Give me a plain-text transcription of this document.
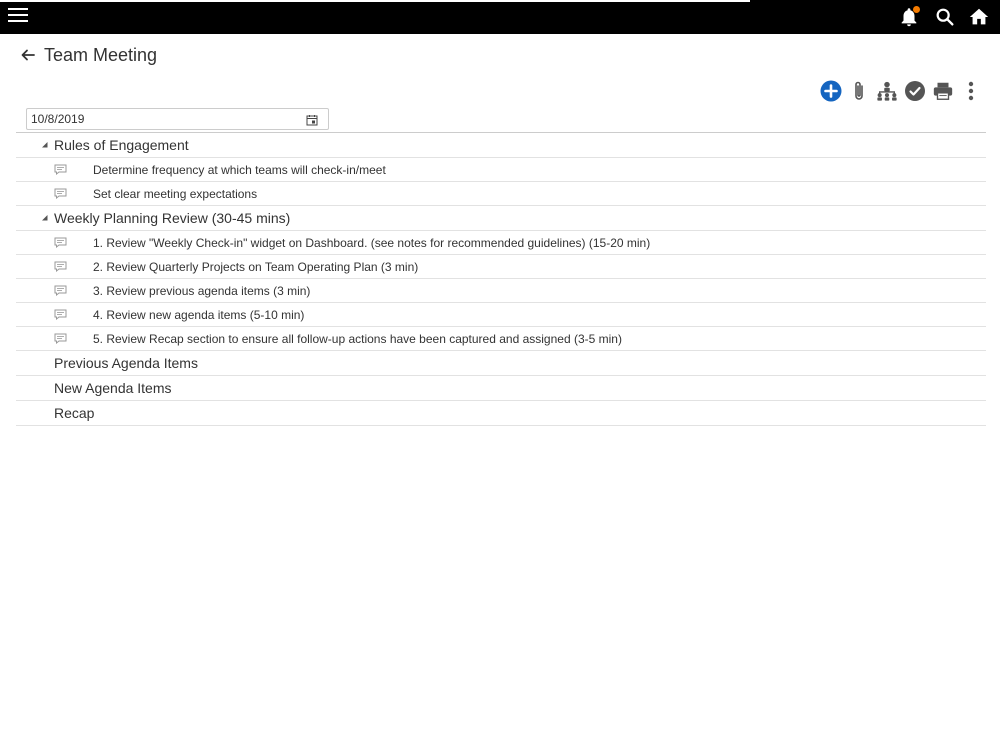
Team Meeting
10/8/2019
Rules of Engagement
Determine frequency at which teams will check-in/meet
Set clear meeting expectations
Weekly Planning Review (30-45 mins)
1. Review "Weekly Check-in" widget on Dashboard. (see notes for recommended guidelines) (15-20 min)
2. Review Quarterly Projects on Team Operating Plan (3 min)
3. Review previous agenda items (3 min)
4. Review new agenda items (5-10 min)
5. Review Recap section to ensure all follow-up actions have been captured and assigned (3-5 min)
Previous Agenda Items
New Agenda Items
Recap
